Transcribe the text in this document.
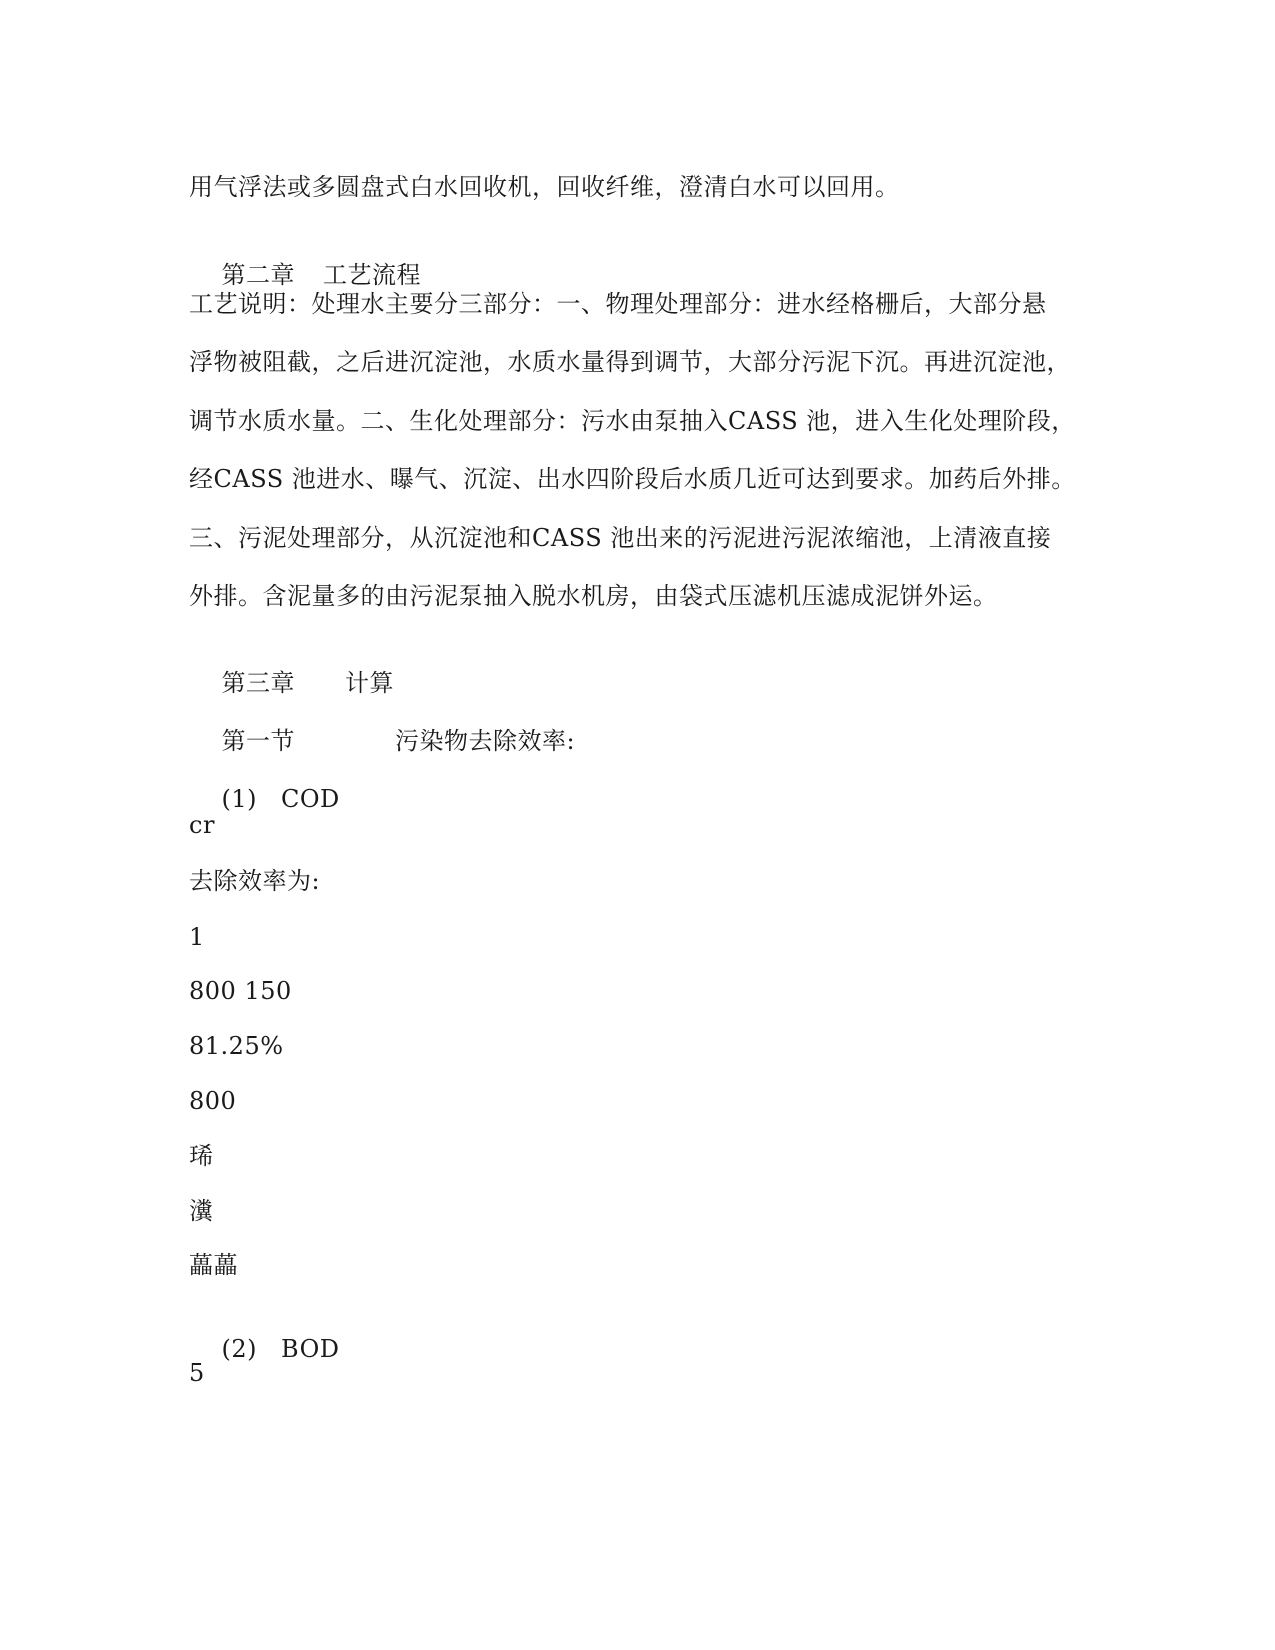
用气浮法或多圆盘式白水回收机，回收纤维，澄清白水可以回用。

第二章 工艺流程

工艺说明：处理水主要分三部分：一、物理处理部分：进水经格栅后，大部分悬
浮物被阻截，之后进沉淀池，水质水量得到调节，大部分污泥下沉。再进沉淀池，
调节水质水量。二、生化处理部分：污水由泵抽入CASS 池，进入生化处理阶段，
经CASS 池进水、曝气、沉淀、出水四阶段后水质几近可达到要求。加药后外排。
三、污泥处理部分，从沉淀池和CASS 池出来的污泥进污泥浓缩池，上清液直接
外排。含泥量多的由污泥泵抽入脱水机房，由袋式压滤机压滤成泥饼外运。

第三章 计算

第一节	污染物去除效率:

(1) COD

cr
去除效率为:
1
800 150
81.25%
800
琋
瀵
藟藟

(2) BOD

5
